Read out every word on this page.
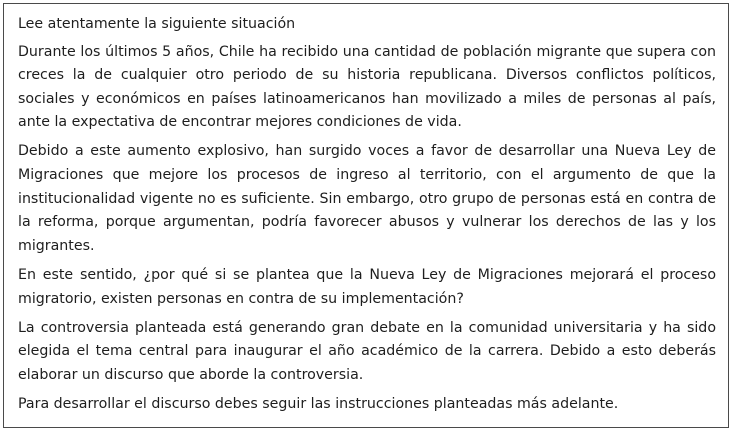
Lee atentamente la siguiente situación

Durante los últimos 5 años, Chile ha recibido una cantidad de población migrante que supera con creces la de cualquier otro periodo de su historia republicana. Diversos conflictos políticos, sociales y económicos en países latinoamericanos han movilizado a miles de personas al país, ante la expectativa de encontrar mejores condiciones de vida.

Debido a este aumento explosivo, han surgido voces a favor de desarrollar una Nueva Ley de Migraciones que mejore los procesos de ingreso al territorio, con el argumento de que la institucionalidad vigente no es suficiente. Sin embargo, otro grupo de personas está en contra de la reforma, porque argumentan, podría favorecer abusos y vulnerar los derechos de las y los migrantes.

En este sentido, ¿por qué si se plantea que la Nueva Ley de Migraciones mejorará el proceso migratorio, existen personas en contra de su implementación?

La controversia planteada está generando gran debate en la comunidad universitaria y ha sido elegida el tema central para inaugurar el año académico de la carrera. Debido a esto deberás elaborar un discurso que aborde la controversia.

Para desarrollar el discurso debes seguir las instrucciones planteadas más adelante.
